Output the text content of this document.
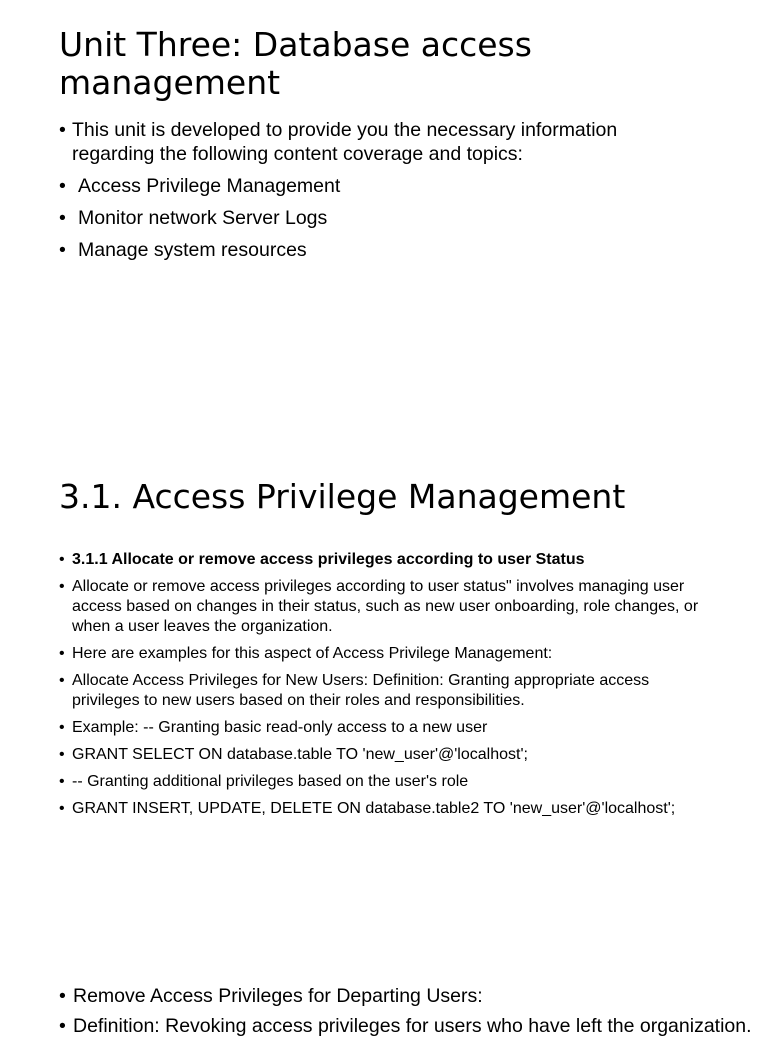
Unit Three: Database access management
• This unit is developed to provide you the necessary information regarding the following content coverage and topics:
• Access Privilege Management
• Monitor network Server Logs
• Manage system resources
3.1. Access Privilege Management
• 3.1.1 Allocate or remove access privileges according to user Status
• Allocate or remove access privileges according to user status" involves managing user access based on changes in their status, such as new user onboarding, role changes, or when a user leaves the organization.
• Here are examples for this aspect of Access Privilege Management:
• Allocate Access Privileges for New Users: Definition: Granting appropriate access privileges to new users based on their roles and responsibilities.
• Example: -- Granting basic read-only access to a new user
• GRANT SELECT ON database.table TO 'new_user'@'localhost';
• -- Granting additional privileges based on the user's role
• GRANT INSERT, UPDATE, DELETE ON database.table2 TO 'new_user'@'localhost';
• Remove Access Privileges for Departing Users:
• Definition: Revoking access privileges for users who have left the organization.
